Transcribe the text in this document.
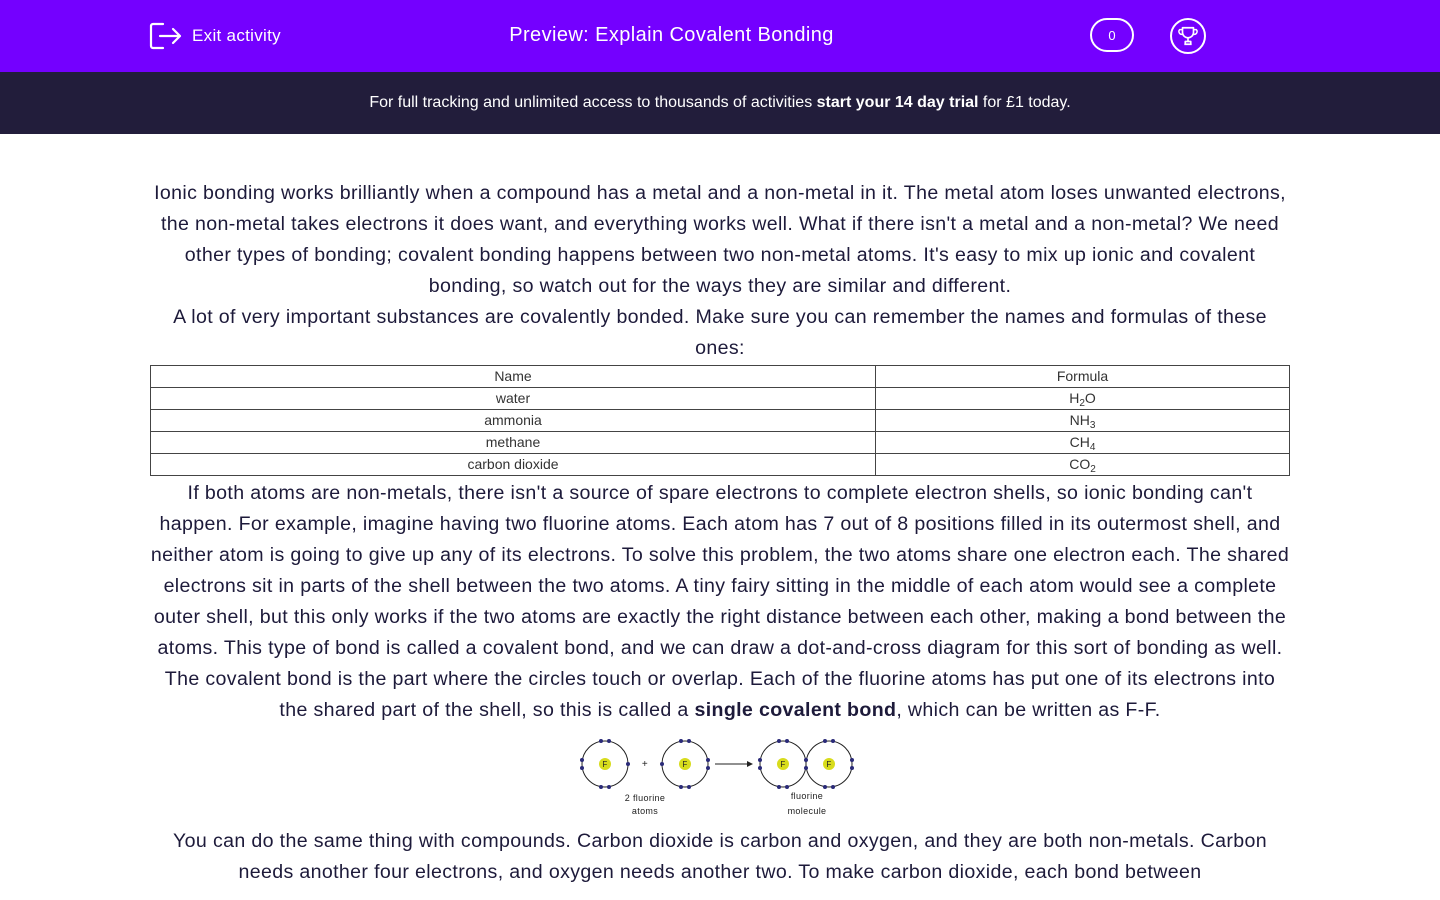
Exit activity	Preview: Explain Covalent Bonding	0
For full tracking and unlimited access to thousands of activities start your 14 day trial for £1 today.

Ionic bonding works brilliantly when a compound has a metal and a non-metal in it. The metal atom loses unwanted electrons, the non-metal takes electrons it does want, and everything works well. What if there isn't a metal and a non-metal? We need other types of bonding; covalent bonding happens between two non-metal atoms. It's easy to mix up ionic and covalent bonding, so watch out for the ways they are similar and different.

A lot of very important substances are covalently bonded. Make sure you can remember the names and formulas of these ones:

Name	Formula
water	$H_2O$
ammonia	$NH_3$
methane	$CH_4$
carbon dioxide	$CO_2$

If both atoms are non-metals, there isn't a source of spare electrons to complete electron shells, so ionic bonding can't happen. For example, imagine having two fluorine atoms. Each atom has 7 out of 8 positions filled in its outermost shell, and neither atom is going to give up any of its electrons. To solve this problem, the two atoms share one electron each. The shared electrons sit in parts of the shell between the two atoms. A tiny fairy sitting in the middle of each atom would see a complete outer shell, but this only works if the two atoms are exactly the right distance between each other, making a bond between the atoms. This type of bond is called a covalent bond, and we can draw a dot-and-cross diagram for this sort of bonding as well. The covalent bond is the part where the circles touch or overlap. Each of the fluorine atoms has put one of its electrons into the shared part of the shell, so this is called a single covalent bond, which can be written as F-F.

F	+	F	F	F
2 fluorine
atoms
fluorine
molecule

You can do the same thing with compounds. Carbon dioxide is carbon and oxygen, and they are both non-metals. Carbon needs another four electrons, and oxygen needs another two. To make carbon dioxide, each bond between
